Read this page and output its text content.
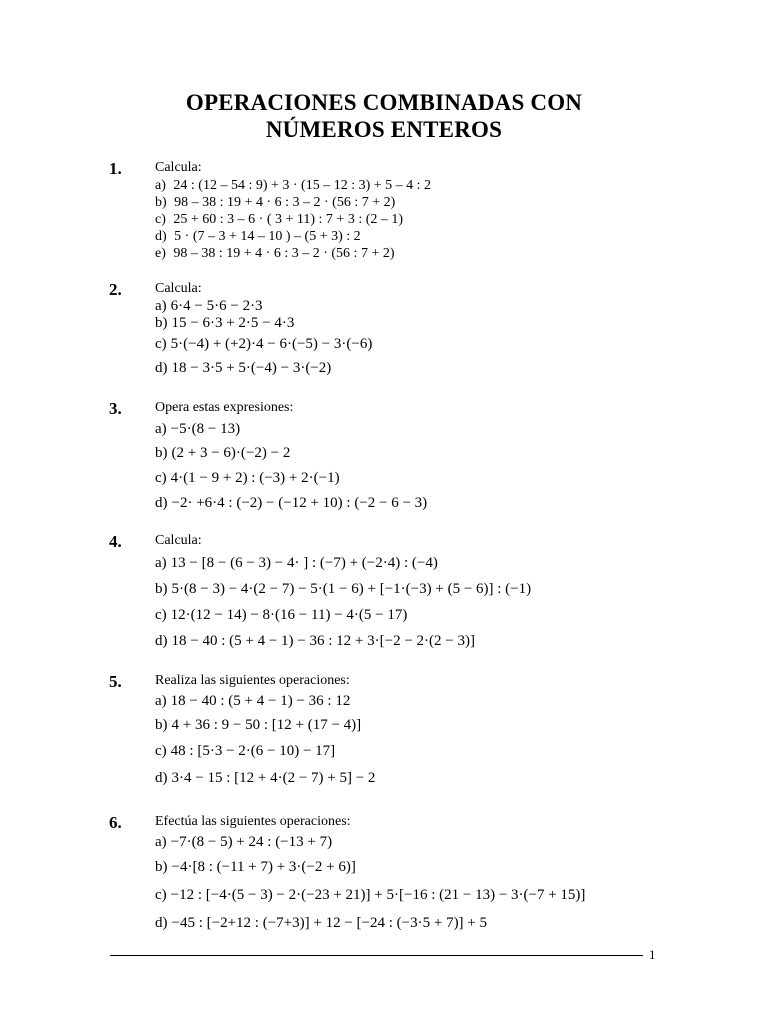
OPERACIONES COMBINADAS CON
NÚMEROS ENTEROS
1. Calcula:
a) 24 : (12 – 54 : 9) + 3 · (15 – 12 : 3) + 5 – 4 : 2
b) 98 – 38 : 19 + 4 · 6 : 3 – 2 · (56 : 7 + 2)
c) 25 + 60 : 3 – 6 · ( 3 + 11) : 7 + 3 : (2 – 1)
d) 5 · (7 – 3 + 14 – 10 ) – (5 + 3) : 2
e) 98 – 38 : 19 + 4 · 6 : 3 – 2 · (56 : 7 + 2)
2. Calcula:
a) 6·4 − 5·6 − 2·3
b) 15 − 6·3 + 2·5 − 4·3
c) 5·(−4) + (+2)·4 − 6·(−5) − 3·(−6)
d) 18 − 3·5 + 5·(−4) − 3·(−2)
3. Opera estas expresiones:
a) −5·(8 − 13)
b) (2 + 3 − 6)·(−2) − 2
c) 4·(1 − 9 + 2) : (−3) + 2·(−1)
d) −2· +6·4 : (−2) − (−12 + 10) : (−2 − 6 − 3)
4. Calcula:
a) 13 − [8 − (6 − 3) − 4· ] : (−7) + (−2·4) : (−4)
b) 5·(8 − 3) − 4·(2 − 7) − 5·(1 − 6) + [−1·(−3) + (5 − 6)] : (−1)
c) 12·(12 − 14) − 8·(16 − 11) − 4·(5 − 17)
d) 18 − 40 : (5 + 4 − 1) − 36 : 12 + 3·[−2 − 2·(2 − 3)]
5. Realiza las siguientes operaciones:
a) 18 − 40 : (5 + 4 − 1) − 36 : 12
b) 4 + 36 : 9 − 50 : [12 + (17 − 4)]
c) 48 : [5·3 − 2·(6 − 10) − 17]
d) 3·4 − 15 : [12 + 4·(2 − 7) + 5] − 2
6. Efectúa las siguientes operaciones:
a) −7·(8 − 5) + 24 : (−13 + 7)
b) −4·[8 : (−11 + 7) + 3·(−2 + 6)]
c) −12 : [−4·(5 − 3) − 2·(−23 + 21)] + 5·[−16 : (21 − 13) − 3·(−7 + 15)]
d) −45 : [−2+12 : (−7+3)] + 12 − [−24 : (−3·5 + 7)] + 5
1
